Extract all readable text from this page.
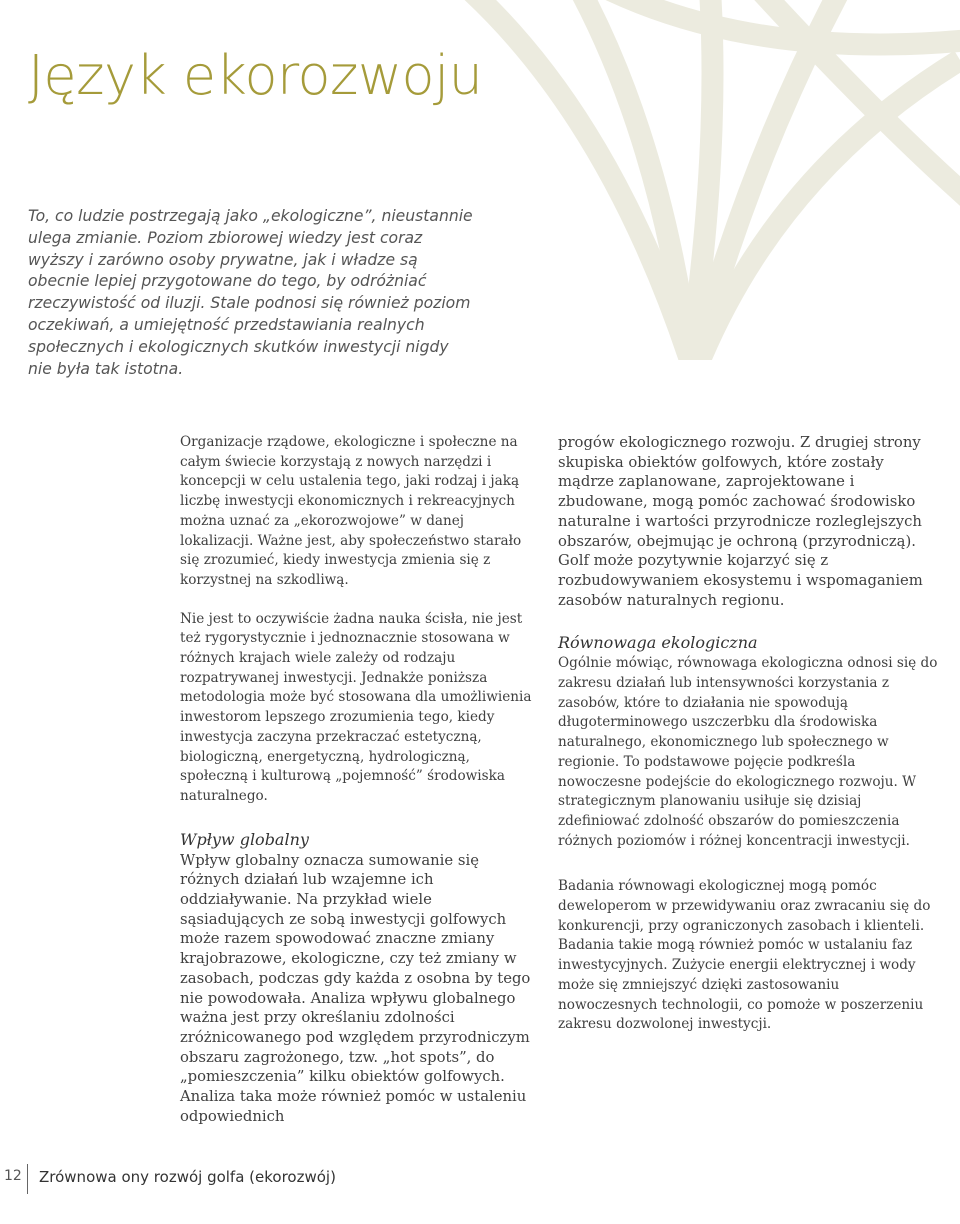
Język ekorozwoju

To, co ludzie postrzegają jako „ekologiczne”, nieustannie ulega zmianie. Poziom zbiorowej wiedzy jest coraz wyższy i zarówno osoby prywatne, jak i władze są obecnie lepiej przygotowane do tego, by odróżniać rzeczywistość od iluzji. Stale podnosi się również poziom oczekiwań, a umiejętność przedstawiania realnych społecznych i ekologicznych skutków inwestycji nigdy nie była tak istotna.

Organizacje rządowe, ekologiczne i społeczne na całym świecie korzystają z nowych narzędzi i koncepcji w celu ustalenia tego, jaki rodzaj i jaką liczbę inwestycji ekonomicznych i rekreacyjnych można uznać za „ekorozwojowe” w danej lokalizacji. Ważne jest, aby społeczeństwo starało się zrozumieć, kiedy inwestycja zmienia się z korzystnej na szkodliwą.

Nie jest to oczywiście żadna nauka ścisła, nie jest też rygorystycznie i jednoznacznie stosowana w różnych krajach wiele zależy od rodzaju rozpatrywanej inwestycji. Jednakże poniższa metodologia może być stosowana dla umożliwienia inwestorom lepszego zrozumienia tego, kiedy inwestycja zaczyna przekraczać estetyczną, biologiczną, energetyczną, hydrologiczną, społeczną i kulturową „pojemność” środowiska naturalnego.

Wpływ globalny

Wpływ globalny oznacza sumowanie się różnych działań lub wzajemne ich oddziaływanie. Na przykład wiele sąsiadujących ze sobą inwestycji golfowych może razem spowodować znaczne zmiany krajobrazowe, ekologiczne, czy też zmiany w zasobach, podczas gdy każda z osobna by tego nie powodowała. Analiza wpływu globalnego ważna jest przy określaniu zdolności zróżnicowanego pod względem przyrodniczym obszaru zagrożonego, tzw. „hot spots”, do „pomieszczenia” kilku obiektów golfowych. Analiza taka może również pomóc w ustaleniu odpowiednich

progów ekologicznego rozwoju. Z drugiej strony skupiska obiektów golfowych, które zostały mądrze zaplanowane, zaprojektowane i zbudowane, mogą pomóc zachować środowisko naturalne i wartości przyrodnicze rozleglejszych obszarów, obejmując je ochroną (przyrodniczą). Golf może pozytywnie kojarzyć się z rozbudowywaniem ekosystemu i wspomaganiem zasobów naturalnych regionu.

Równowaga ekologiczna

Ogólnie mówiąc, równowaga ekologiczna odnosi się do zakresu działań lub intensywności korzystania z zasobów, które to działania nie spowodują długoterminowego uszczerbku dla środowiska naturalnego, ekonomicznego lub społecznego w regionie. To podstawowe pojęcie podkreśla nowoczesne podejście do ekologicznego rozwoju. W strategicznym planowaniu usiłuje się dzisiaj zdefiniować zdolność obszarów do pomieszczenia różnych poziomów i różnej koncentracji inwestycji.

Badania równowagi ekologicznej mogą pomóc deweloperom w przewidywaniu oraz zwracaniu się do konkurencji, przy ograniczonych zasobach i klienteli. Badania takie mogą również pomóc w ustalaniu faz inwestycyjnych. Zużycie energii elektrycznej i wody może się zmniejszyć dzięki zastosowaniu nowoczesnych technologii, co pomoże w poszerzeniu zakresu dozwolonej inwestycji.

12 Zrównowa ony rozwój golfa (ekorozwój)
